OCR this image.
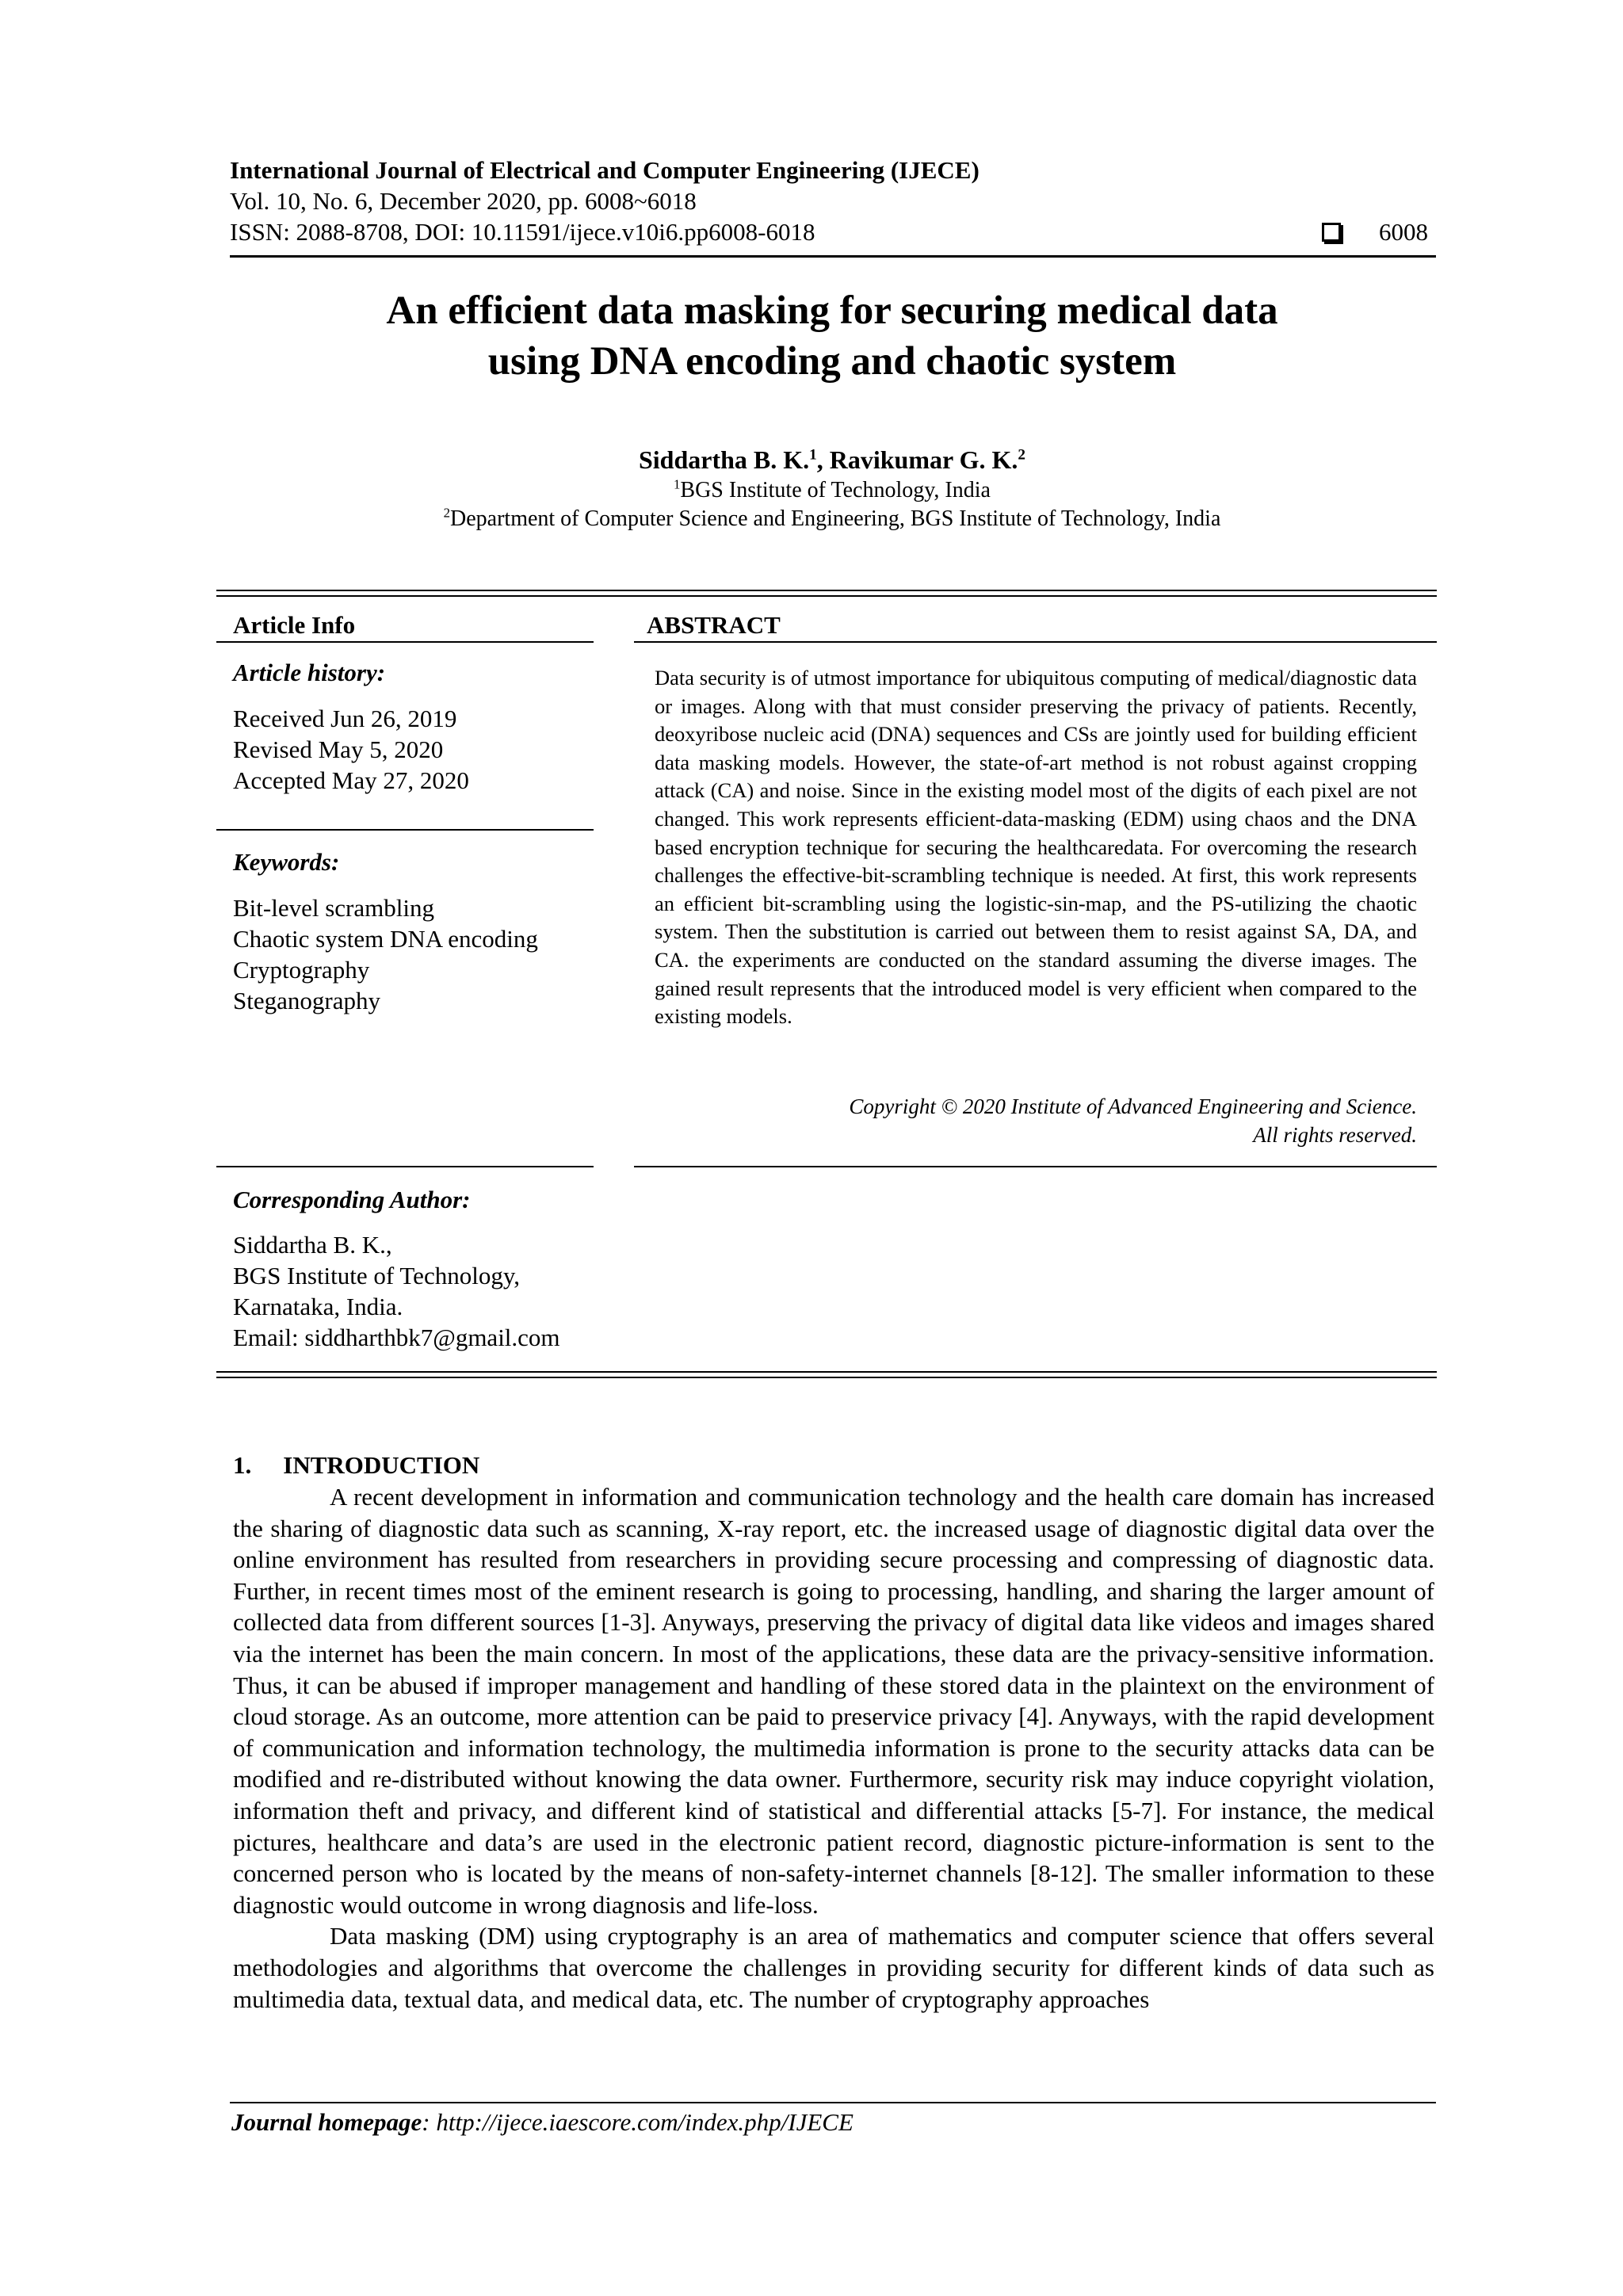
International Journal of Electrical and Computer Engineering (IJECE)
Vol. 10, No. 6, December 2020, pp. 6008~6018
ISSN: 2088-8708, DOI: 10.11591/ijece.v10i6.pp6008-6018	6008
An efficient data masking for securing medical data
using DNA encoding and chaotic system
Siddartha B. K.$^1$, Ravikumar G. K.$^2$
$^1$BGS Institute of Technology, India
$^2$Department of Computer Science and Engineering, BGS Institute of Technology, India
Article Info
Article history:
Received Jun 26, 2019
Revised May 5, 2020
Accepted May 27, 2020
Keywords:
Bit-level scrambling
Chaotic system DNA encoding
Cryptography
Steganography
Corresponding Author:
Siddartha B. K.,
BGS Institute of Technology,
Karnataka, India.
Email: siddharthbk7@gmail.com
ABSTRACT
Data security is of utmost importance for ubiquitous computing of medical/diagnostic data or images. Along with that must consider preserving the privacy of patients. Recently, deoxyribose nucleic acid (DNA) sequences and CSs are jointly used for building efficient data masking models. However, the state-of-art method is not robust against cropping attack (CA) and noise. Since in the existing model most of the digits of each pixel are not changed. This work represents efficient-data-masking (EDM) using chaos and the DNA based encryption technique for securing the healthcaredata. For overcoming the research challenges the effective-bit-scrambling technique is needed. At first, this work represents an efficient bit-scrambling using the logistic-sin-map, and the PS-utilizing the chaotic system. Then the substitution is carried out between them to resist against SA, DA, and CA. the experiments are conducted on the standard assuming the diverse images. The gained result represents that the introduced model is very efficient when compared to the existing models.
Copyright © 2020 Institute of Advanced Engineering and Science.
All rights reserved.
1. INTRODUCTION

A recent development in information and communication technology and the health care domain has increased the sharing of diagnostic data such as scanning, X-ray report, etc. the increased usage of diagnostic digital data over the online environment has resulted from researchers in providing secure processing and compressing of diagnostic data. Further, in recent times most of the eminent research is going to processing, handling, and sharing the larger amount of collected data from different sources [1-3]. Anyways, preserving the privacy of digital data like videos and images shared via the internet has been the main concern. In most of the applications, these data are the privacy-sensitive information. Thus, it can be abused if improper management and handling of these stored data in the plaintext on the environment of cloud storage. As an outcome, more attention can be paid to preservice privacy [4]. Anyways, with the rapid development of communication and information technology, the multimedia information is prone to the security attacks data can be modified and re-distributed without knowing the data owner. Furthermore, security risk may induce copyright violation, information theft and privacy, and different kind of statistical and differential attacks [5-7]. For instance, the medical pictures, healthcare and data’s are used in the electronic patient record, diagnostic picture-information is sent to the concerned person who is located by the means of non-safety-internet channels [8-12]. The smaller information to these diagnostic would outcome in wrong diagnosis and life-loss.

Data masking (DM) using cryptography is an area of mathematics and computer science that offers several methodologies and algorithms that overcome the challenges in providing security for different kinds of data such as multimedia data, textual data, and medical data, etc. The number of cryptography approaches

Journal homepage: http://ijece.iaescore.com/index.php/IJECE
